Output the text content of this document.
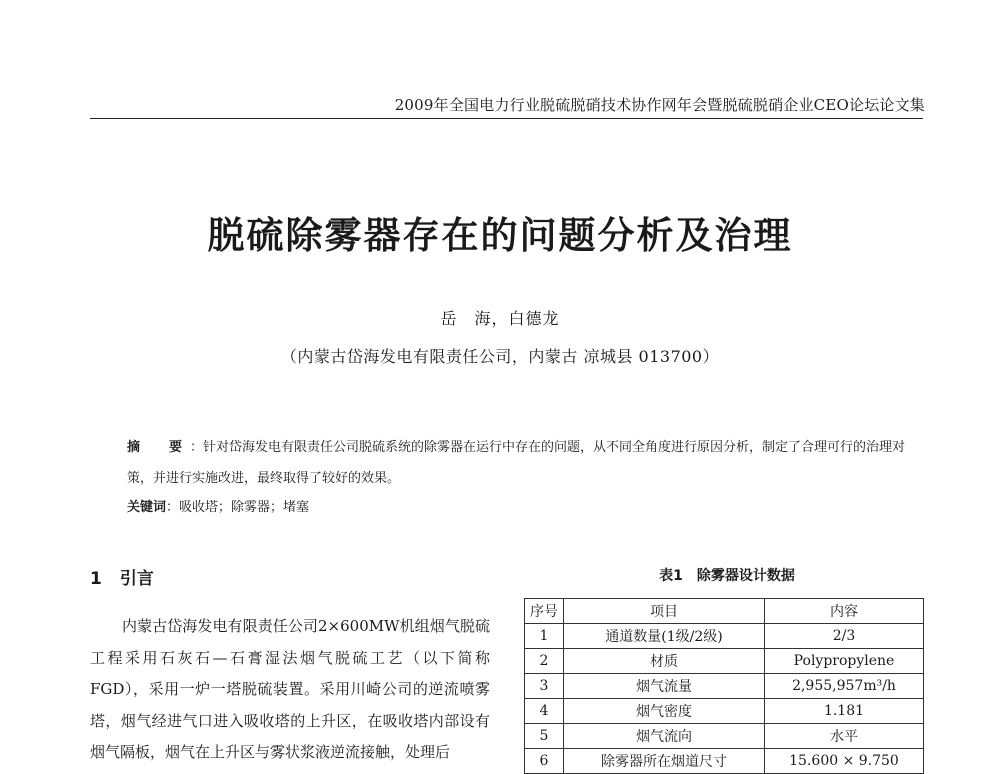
2009年全国电力行业脱硫脱硝技术协作网年会暨脱硫脱硝企业CEO论坛论文集
脱硫除雾器存在的问题分析及治理
岳　海，白德龙
（内蒙古岱海发电有限责任公司，内蒙古 凉城县 013700）
摘　要：针对岱海发电有限责任公司脱硫系统的除雾器在运行中存在的问题，从不同全角度进行原因分析，制定了合理可行的治理对策，并进行实施改进，最终取得了较好的效果。
关键词：吸收塔；除雾器；堵塞
1 引言

内蒙古岱海发电有限责任公司2×600MW机组烟气脱硫工程采用石灰石—石膏湿法烟气脱硫工艺（以下简称FGD），采用一炉一塔脱硫装置。采用川崎公司的逆流喷雾塔，烟气经进气口进入吸收塔的上升区，在吸收塔内部设有烟气隔板，烟气在上升区与雾状浆液逆流接触，处理后

表1 除雾器设计数据
序号	项目	内容
1	通道数量(1级/2级)	2/3
2	材质	Polypropylene
3	烟气流量	2,955,957m³/h
4	烟气密度	1.181
5	烟气流向	水平
6	除雾器所在烟道尺寸	15.600 × 9.750
